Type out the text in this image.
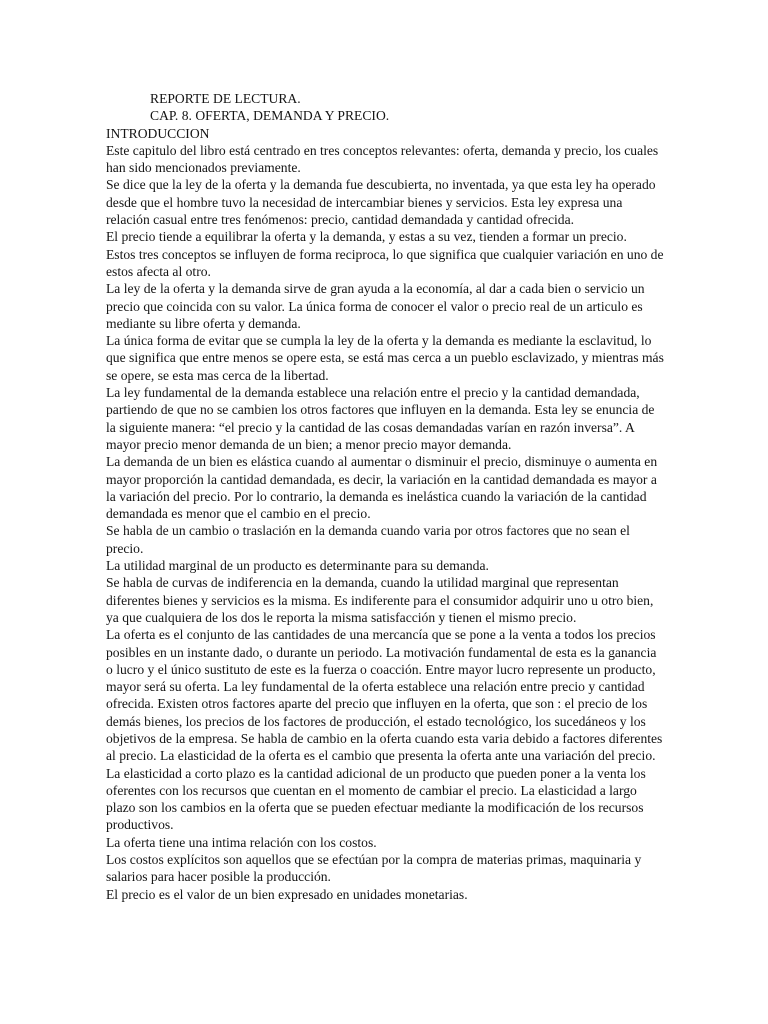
REPORTE DE LECTURA.
CAP. 8. OFERTA, DEMANDA Y PRECIO.
INTRODUCCION

Este capitulo del libro está centrado en tres conceptos relevantes: oferta, demanda y precio, los cuales han sido mencionados previamente.

Se dice que la ley de la oferta y la demanda fue descubierta, no inventada, ya que esta ley ha operado desde que el hombre tuvo la necesidad de intercambiar bienes y servicios. Esta ley expresa una relación casual entre tres fenómenos: precio, cantidad demandada y cantidad ofrecida.

El precio tiende a equilibrar la oferta y la demanda, y estas a su vez, tienden a formar un precio.

Estos tres conceptos se influyen de forma reciproca, lo que significa que cualquier variación en uno de estos afecta al otro.

La ley de la oferta y la demanda sirve de gran ayuda a la economía, al dar a cada bien o servicio un precio que coincida con su valor. La única forma de conocer el valor o precio real de un articulo es mediante su libre oferta y demanda.

La única forma de evitar que se cumpla la ley de la oferta y la demanda es mediante la esclavitud, lo que significa que entre menos se opere esta, se está mas cerca a un pueblo esclavizado, y mientras más se opere, se esta mas cerca de la libertad.

La ley fundamental de la demanda establece una relación entre el precio y la cantidad demandada, partiendo de que no se cambien los otros factores que influyen en la demanda. Esta ley se enuncia de la siguiente manera: “el precio y la cantidad de las cosas demandadas varían en razón inversa”. A mayor precio menor demanda de un bien; a menor precio mayor demanda.

La demanda de un bien es elástica cuando al aumentar o disminuir el precio, disminuye o aumenta en mayor proporción la cantidad demandada, es decir, la variación en la cantidad demandada es mayor a la variación del precio. Por lo contrario, la demanda es inelástica cuando la variación de la cantidad demandada es menor que el cambio en el precio.

Se habla de un cambio o traslación en la demanda cuando varia por otros factores que no sean el precio.

La utilidad marginal de un producto es determinante para su demanda.

Se habla de curvas de indiferencia en la demanda, cuando la utilidad marginal que representan diferentes bienes y servicios es la misma. Es indiferente para el consumidor adquirir uno u otro bien, ya que cualquiera de los dos le reporta la misma satisfacción y tienen el mismo precio.

La oferta es el conjunto de las cantidades de una mercancía que se pone a la venta a todos los precios posibles en un instante dado, o durante un periodo. La motivación fundamental de esta es la ganancia o lucro y el único sustituto de este es la fuerza o coacción. Entre mayor lucro represente un producto, mayor será su oferta. La ley fundamental de la oferta establece una relación entre precio y cantidad ofrecida. Existen otros factores aparte del precio que influyen en la oferta, que son : el precio de los demás bienes, los precios de los factores de producción, el estado tecnológico, los sucedáneos y los objetivos de la empresa. Se habla de cambio en la oferta cuando esta varia debido a factores diferentes al precio. La elasticidad de la oferta es el cambio que presenta la oferta ante una variación del precio. La elasticidad a corto plazo es la cantidad adicional de un producto que pueden poner a la venta los oferentes con los recursos que cuentan en el momento de cambiar el precio. La elasticidad a largo plazo son los cambios en la oferta que se pueden efectuar mediante la modificación de los recursos productivos.

La oferta tiene una intima relación con los costos.

Los costos explícitos son aquellos que se efectúan por la compra de materias primas, maquinaria y salarios para hacer posible la producción.

El precio es el valor de un bien expresado en unidades monetarias.
